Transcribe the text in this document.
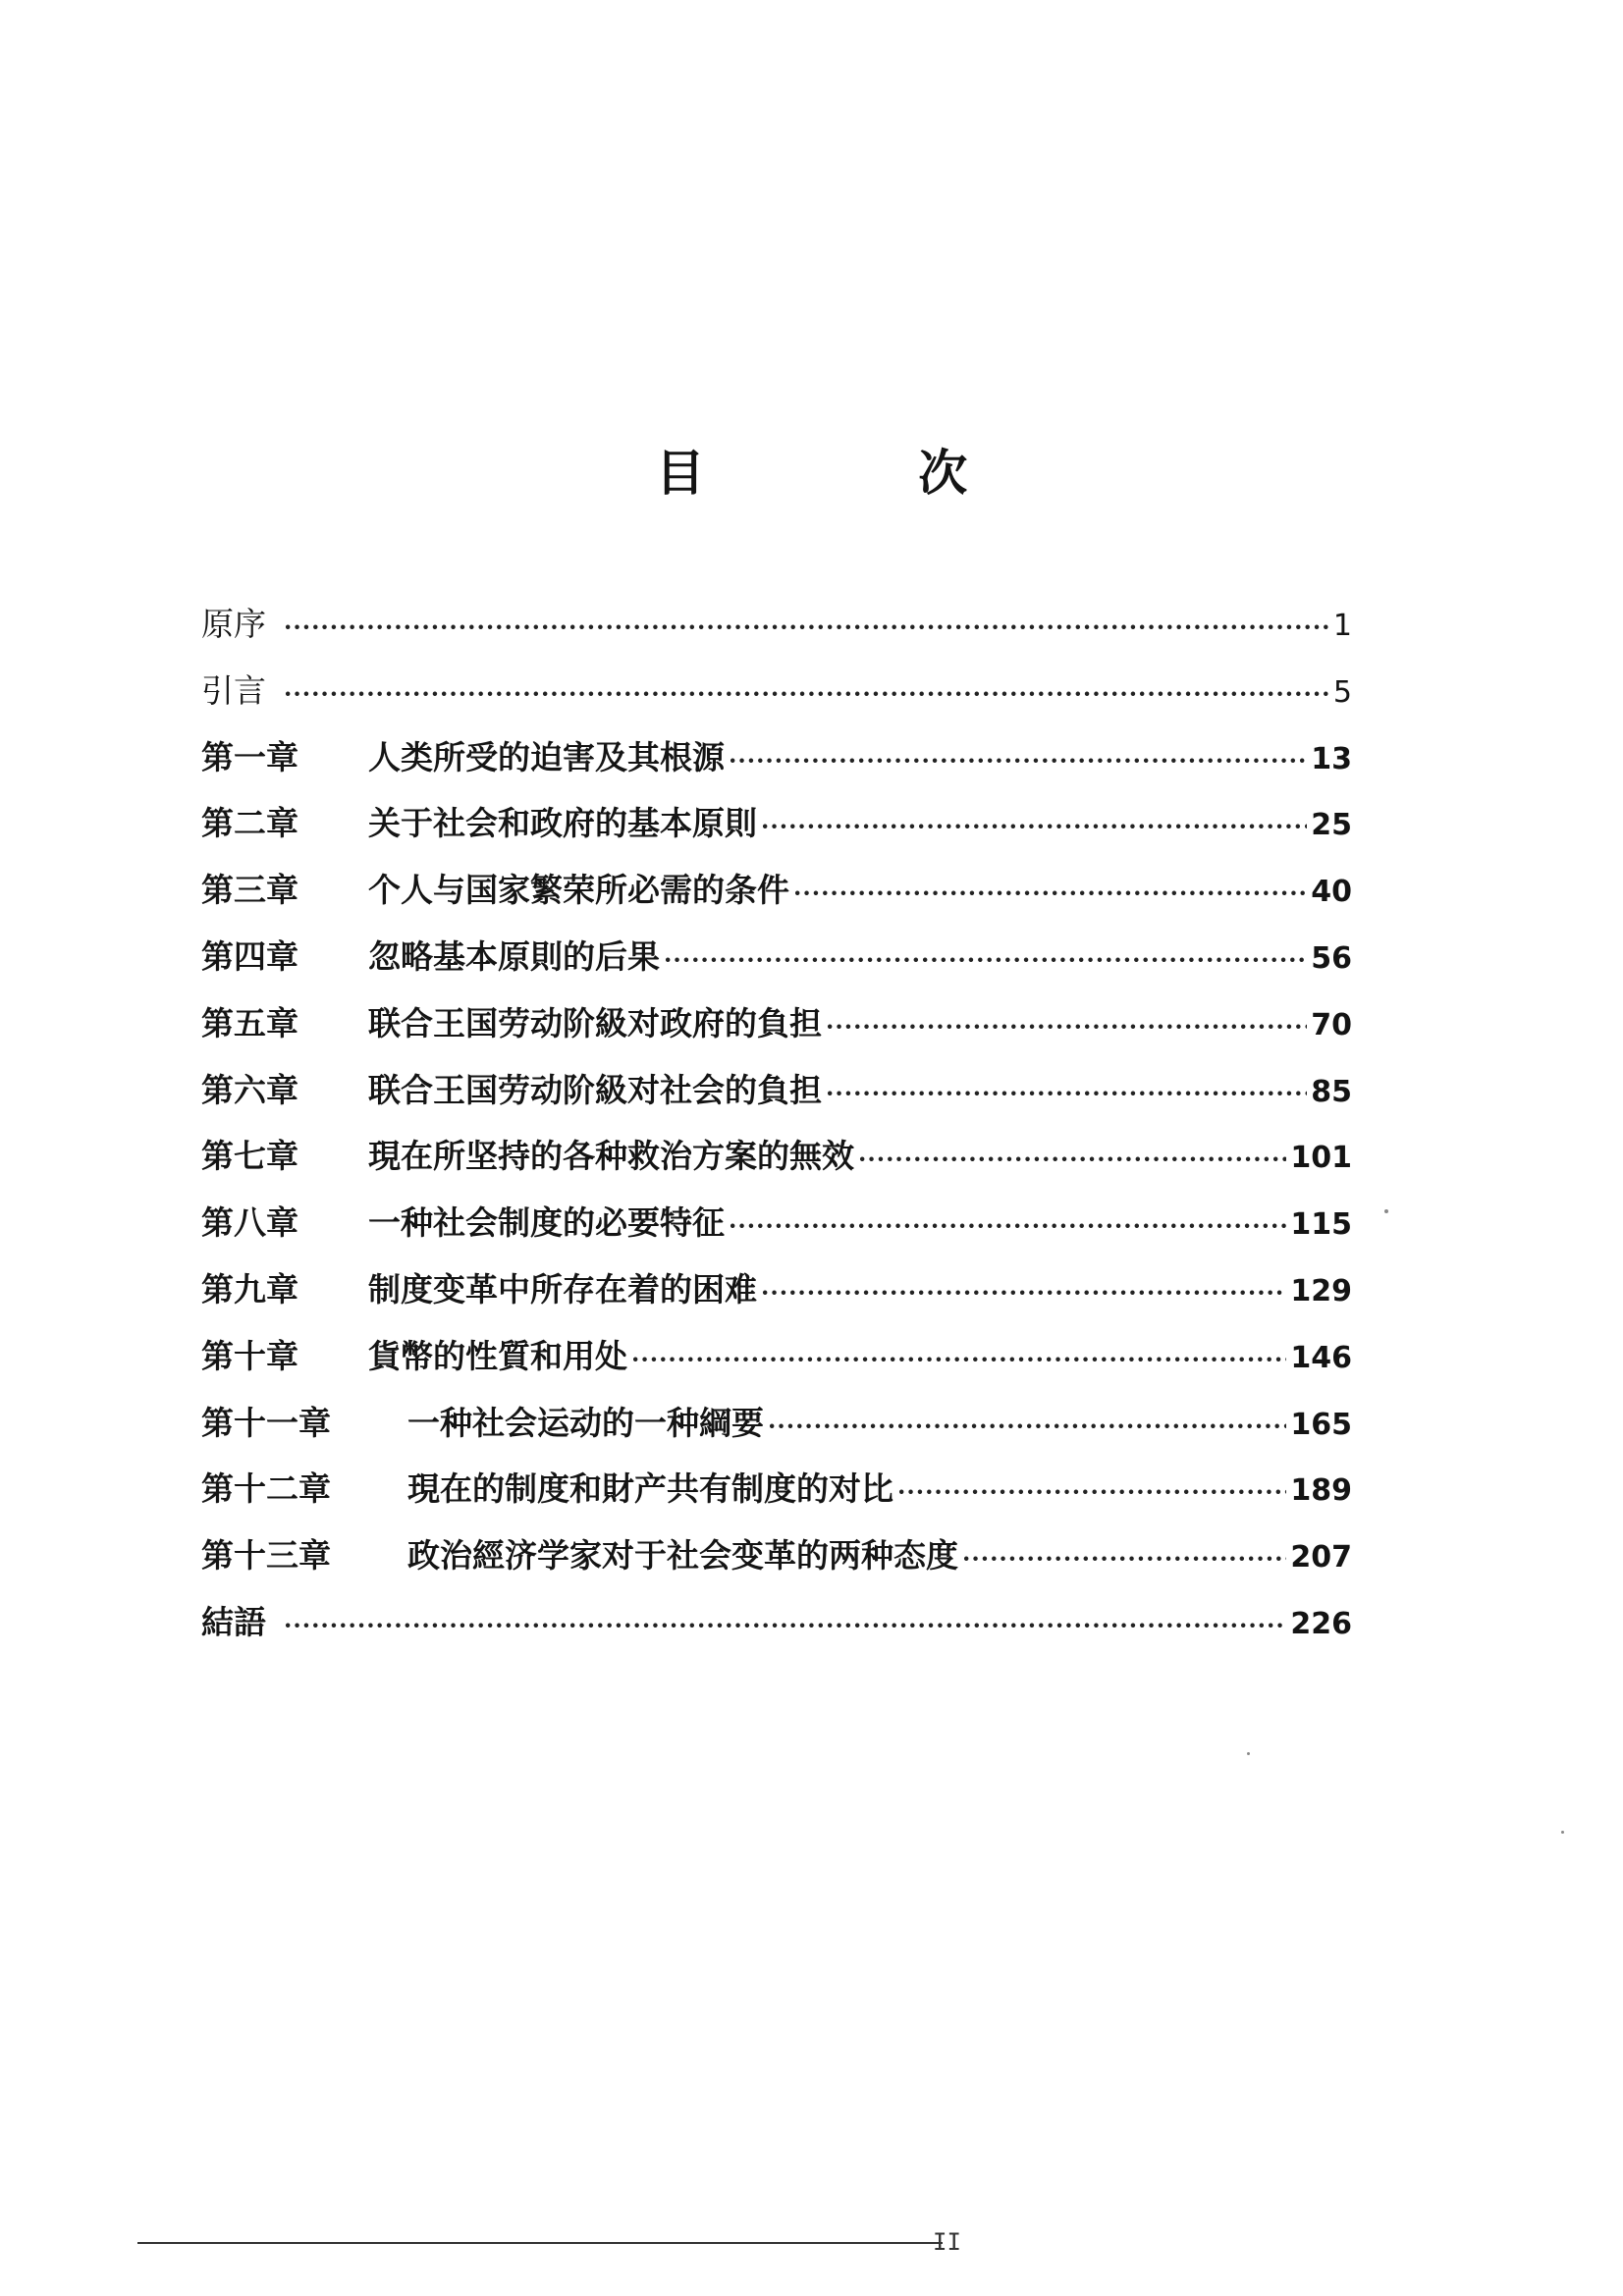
目 次
原序 ·····	1
引言 ·····	5
第一章	人类所受的迫害及其根源 ·····	13
第二章	关于社会和政府的基本原則 ·····	25
第三章	个人与国家繁荣所必需的条件 ·····	40
第四章	忽略基本原則的后果 ·····	56
第五章	联合王国劳动阶級对政府的負担 ·····	70
第六章	联合王国劳动阶級对社会的負担 ·····	85
第七章	現在所坚持的各种救治方案的無效 ·····	101
第八章	一种社会制度的必要特征 ·····	115
第九章	制度变革中所存在着的困难 ·····	129
第十章	貨幣的性質和用处 ·····	146
第十一章	一种社会运动的一种綱要 ·····	165
第十二章	現在的制度和財产共有制度的对比 ·····	189
第十三章	政治經济学家对于社会变革的两种态度 ·····	207
結語 ·····	226
II
